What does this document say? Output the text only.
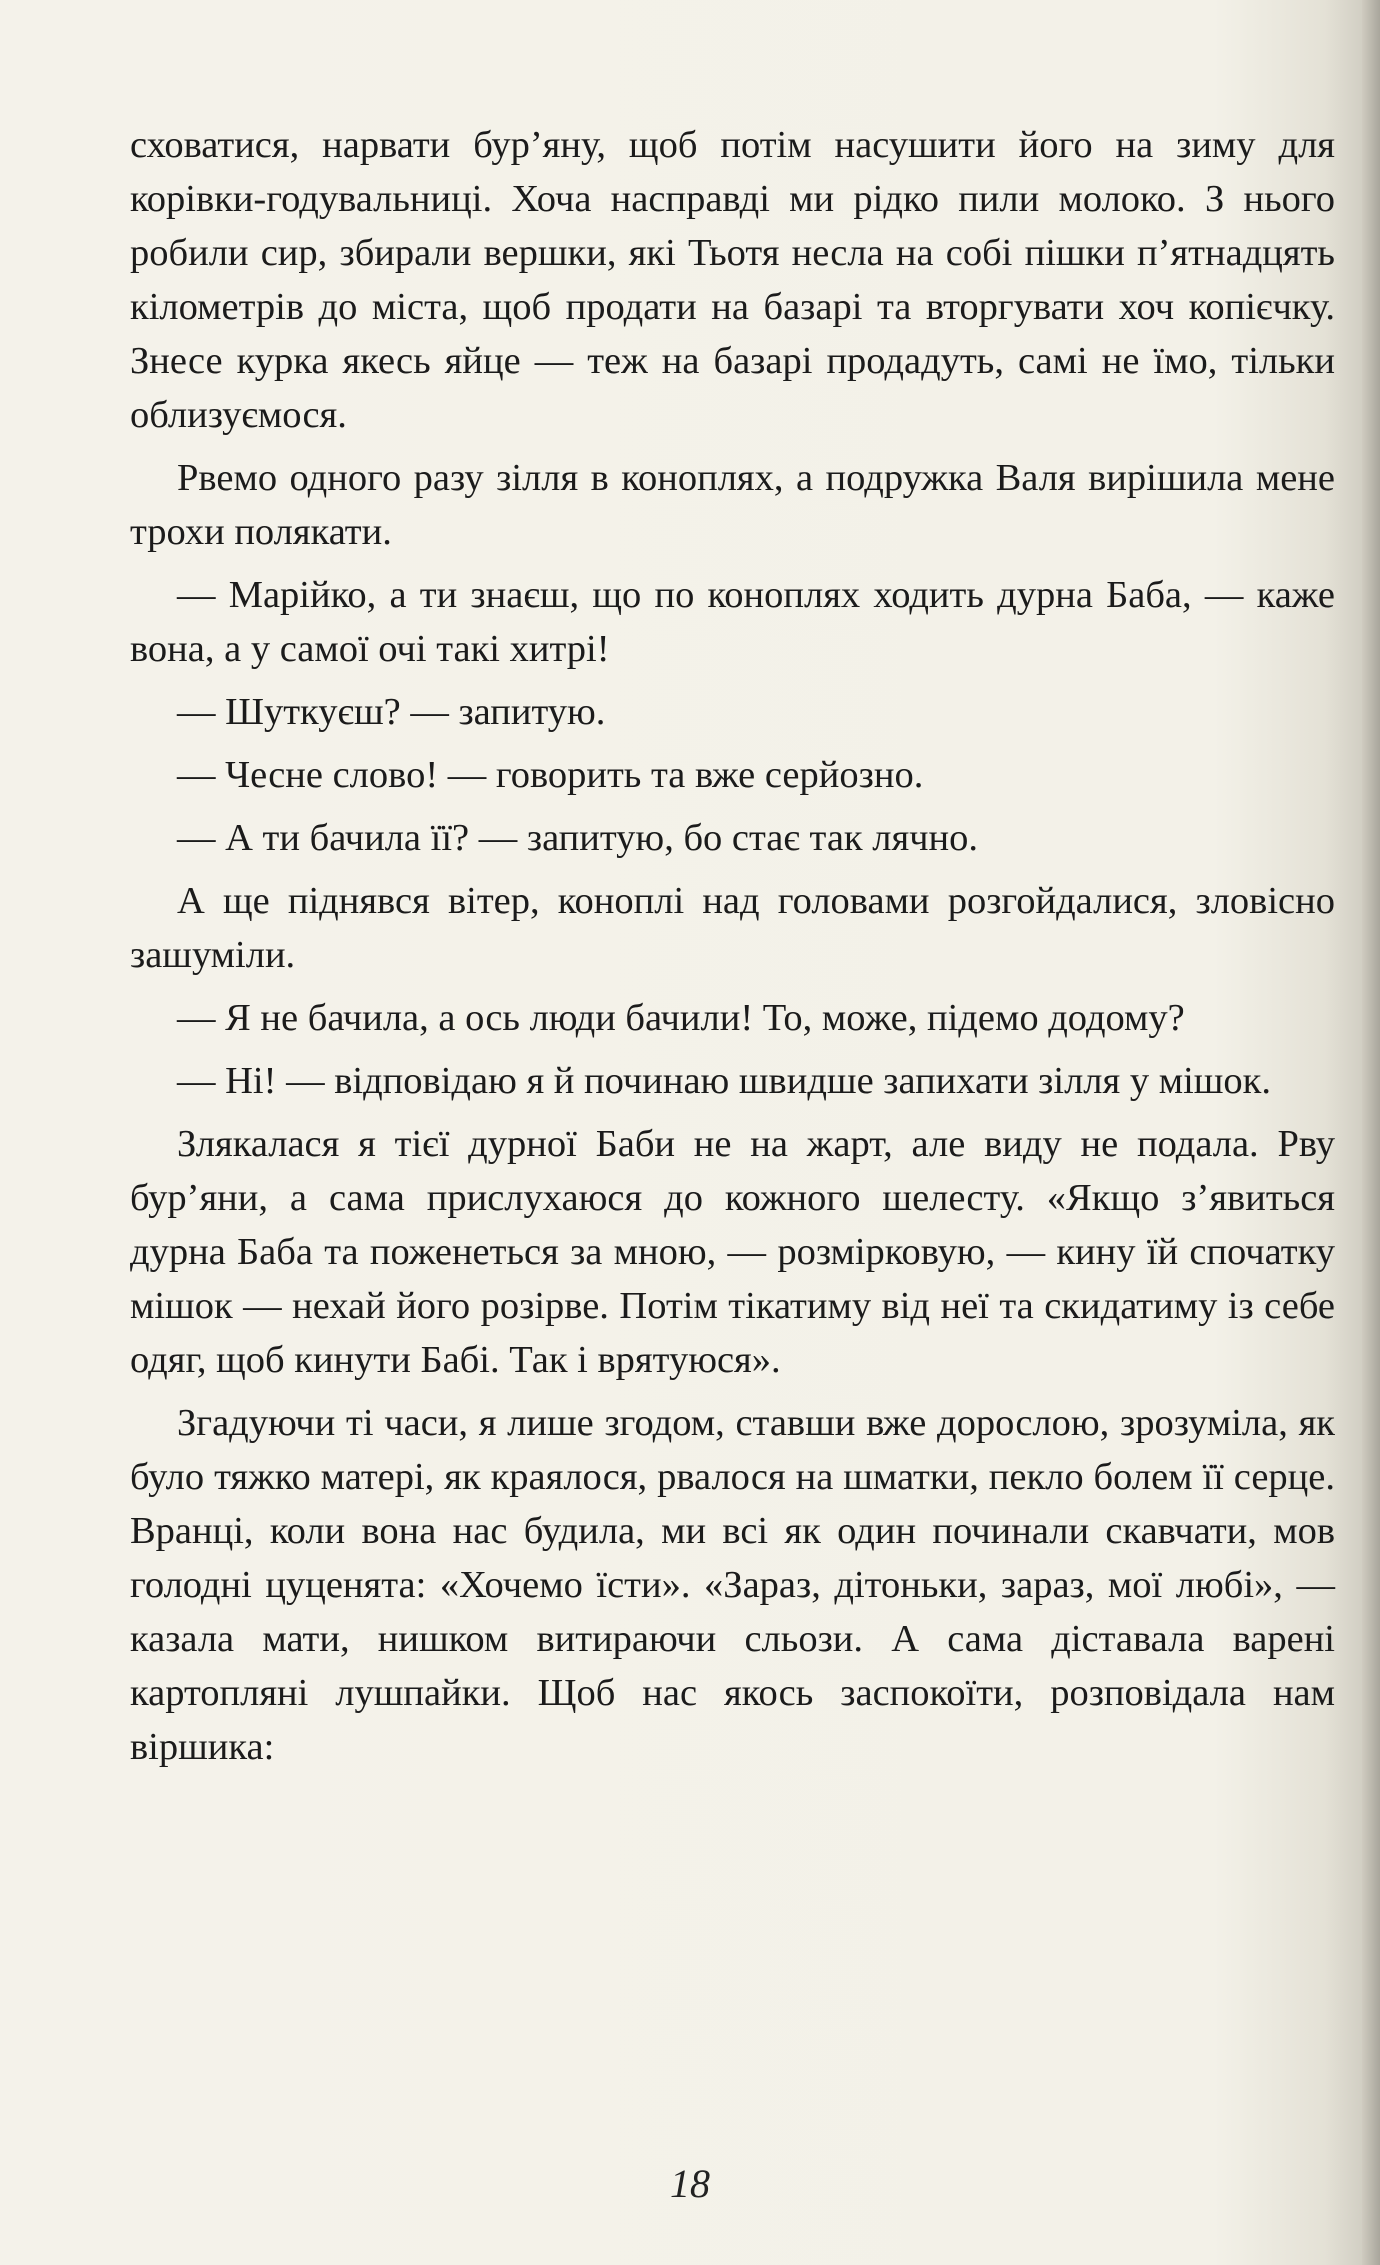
сховатися, нарвати бур’яну, щоб потім насушити його на зиму для корівки-годувальниці. Хоча насправді ми рідко пили молоко. З нього робили сир, збирали вершки, які Тьотя несла на собі пішки п’ятнадцять кілометрів до міста, щоб продати на базарі та вторгувати хоч копієчку. Знесе курка якесь яйце — теж на базарі продадуть, самі не їмо, тільки облизуємося.

Рвемо одного разу зілля в коноплях, а подружка Валя вирішила мене трохи полякати.

— Марійко, а ти знаєш, що по коноплях ходить дурна Баба, — каже вона, а у самої очі такі хитрі!

— Шуткуєш? — запитую.

— Чесне слово! — говорить та вже серйозно.

— А ти бачила її? — запитую, бо стає так лячно.

А ще піднявся вітер, коноплі над головами розгойдалися, зловісно зашуміли.

— Я не бачила, а ось люди бачили! То, може, підемо додому?

— Ні! — відповідаю я й починаю швидше запихати зілля у мішок.

Злякалася я тієї дурної Баби не на жарт, але виду не подала. Рву бур’яни, а сама прислухаюся до кожного шелесту. «Якщо з’явиться дурна Баба та поженеться за мною, — розмірковую, — кину їй спочатку мішок — нехай його розірве. Потім тікатиму від неї та скидатиму із себе одяг, щоб кинути Бабі. Так і врятуюся».

Згадуючи ті часи, я лише згодом, ставши вже дорослою, зрозуміла, як було тяжко матері, як краялося, рвалося на шматки, пекло болем її серце. Вранці, коли вона нас будила, ми всі як один починали скавчати, мов голодні цуценята: «Хочемо їсти». «Зараз, дітоньки, зараз, мої любі», — казала мати, нишком витираючи сльози. А сама діставала варені картопляні лушпайки. Щоб нас якось заспокоїти, розповідала нам віршика:

18
